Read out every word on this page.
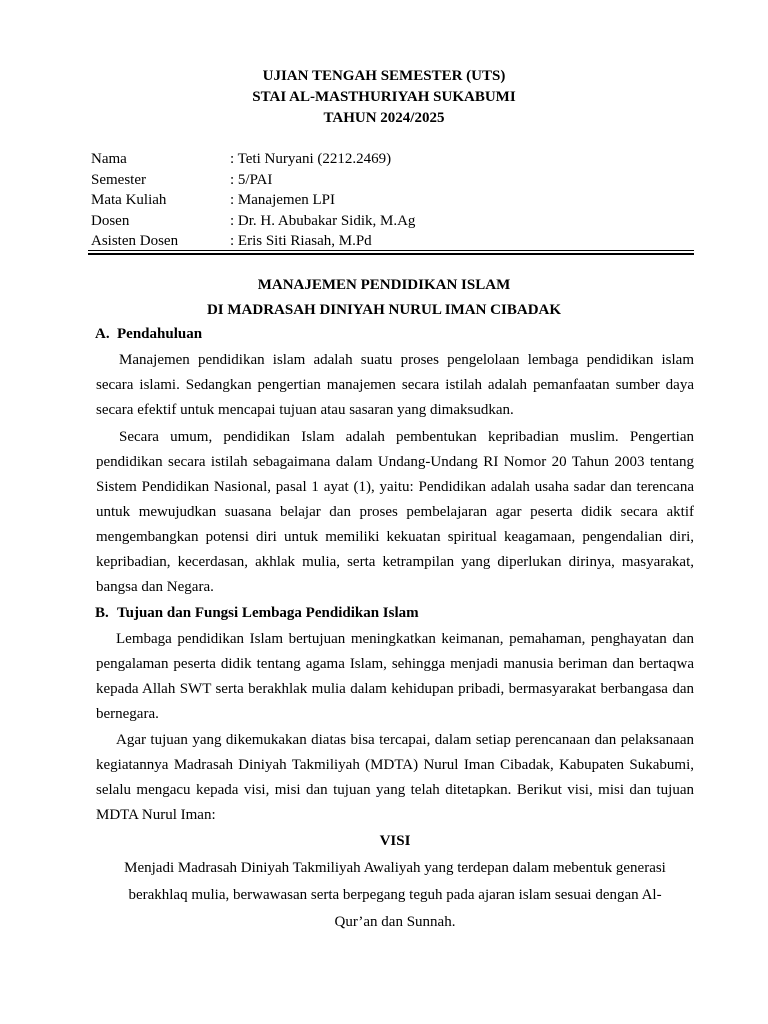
UJIAN TENGAH SEMESTER (UTS)
STAI AL-MASTHURIYAH SUKABUMI
TAHUN 2024/2025
Nama	: Teti Nuryani (2212.2469)
Semester	: 5/PAI
Mata Kuliah	: Manajemen LPI
Dosen	: Dr. H. Abubakar Sidik, M.Ag
Asisten Dosen	: Eris Siti Riasah, M.Pd
MANAJEMEN PENDIDIKAN ISLAM
DI MADRASAH DINIYAH NURUL IMAN CIBADAK
A. Pendahuluan

Manajemen pendidikan islam adalah suatu proses pengelolaan lembaga pendidikan islam secara islami. Sedangkan pengertian manajemen secara istilah adalah pemanfaatan sumber daya secara efektif untuk mencapai tujuan atau sasaran yang dimaksudkan.

Secara umum, pendidikan Islam adalah pembentukan kepribadian muslim. Pengertian pendidikan secara istilah sebagaimana dalam Undang-Undang RI Nomor 20 Tahun 2003 tentang Sistem Pendidikan Nasional, pasal 1 ayat (1), yaitu: Pendidikan adalah usaha sadar dan terencana untuk mewujudkan suasana belajar dan proses pembelajaran agar peserta didik secara aktif mengembangkan potensi diri untuk memiliki kekuatan spiritual keagamaan, pengendalian diri, kepribadian, kecerdasan, akhlak mulia, serta ketrampilan yang diperlukan dirinya, masyarakat, bangsa dan Negara.

B. Tujuan dan Fungsi Lembaga Pendidikan Islam

Lembaga pendidikan Islam bertujuan meningkatkan keimanan, pemahaman, penghayatan dan pengalaman peserta didik tentang agama Islam, sehingga menjadi manusia beriman dan bertaqwa kepada Allah SWT serta berakhlak mulia dalam kehidupan pribadi, bermasyarakat berbangasa dan bernegara.

Agar tujuan yang dikemukakan diatas bisa tercapai, dalam setiap perencanaan dan pelaksanaan kegiatannya Madrasah Diniyah Takmiliyah (MDTA) Nurul Iman Cibadak, Kabupaten Sukabumi, selalu mengacu kepada visi, misi dan tujuan yang telah ditetapkan. Berikut visi, misi dan tujuan MDTA Nurul Iman:

VISI
Menjadi Madrasah Diniyah Takmiliyah Awaliyah yang terdepan dalam mebentuk generasi berakhlaq mulia, berwawasan serta berpegang teguh pada ajaran islam sesuai dengan Al-Qur’an dan Sunnah.
